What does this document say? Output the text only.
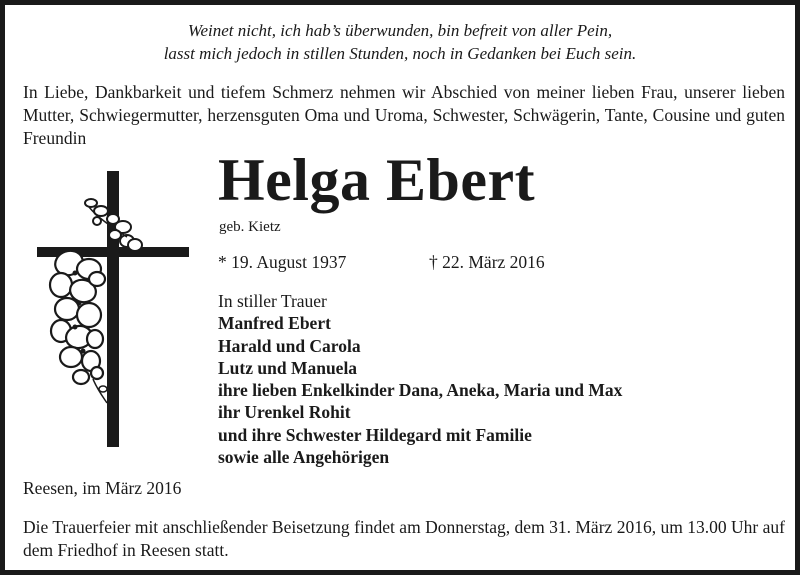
Weinet nicht, ich hab’s überwunden, bin befreit von aller Pein,
lasst mich jedoch in stillen Stunden, noch in Gedanken bei Euch sein.
In Liebe, Dankbarkeit und tiefem Schmerz nehmen wir Abschied von meiner lieben Frau, unserer lieben Mutter, Schwiegermutter, herzensguten Oma und Uroma, Schwester, Schwägerin, Tante, Cousine und guten Freundin
Helga Ebert
geb. Kietz
* 19. August 1937	† 22. März 2016
In stiller Trauer
Manfred Ebert
Harald und Carola
Lutz und Manuela
ihre lieben Enkelkinder Dana, Aneka, Maria und Max
ihr Urenkel Rohit
und ihre Schwester Hildegard mit Familie
sowie alle Angehörigen
Reesen, im März 2016
Die Trauerfeier mit anschließender Beisetzung findet am Donnerstag, dem 31. März 2016, um 13.00 Uhr auf dem Friedhof in Reesen statt.
